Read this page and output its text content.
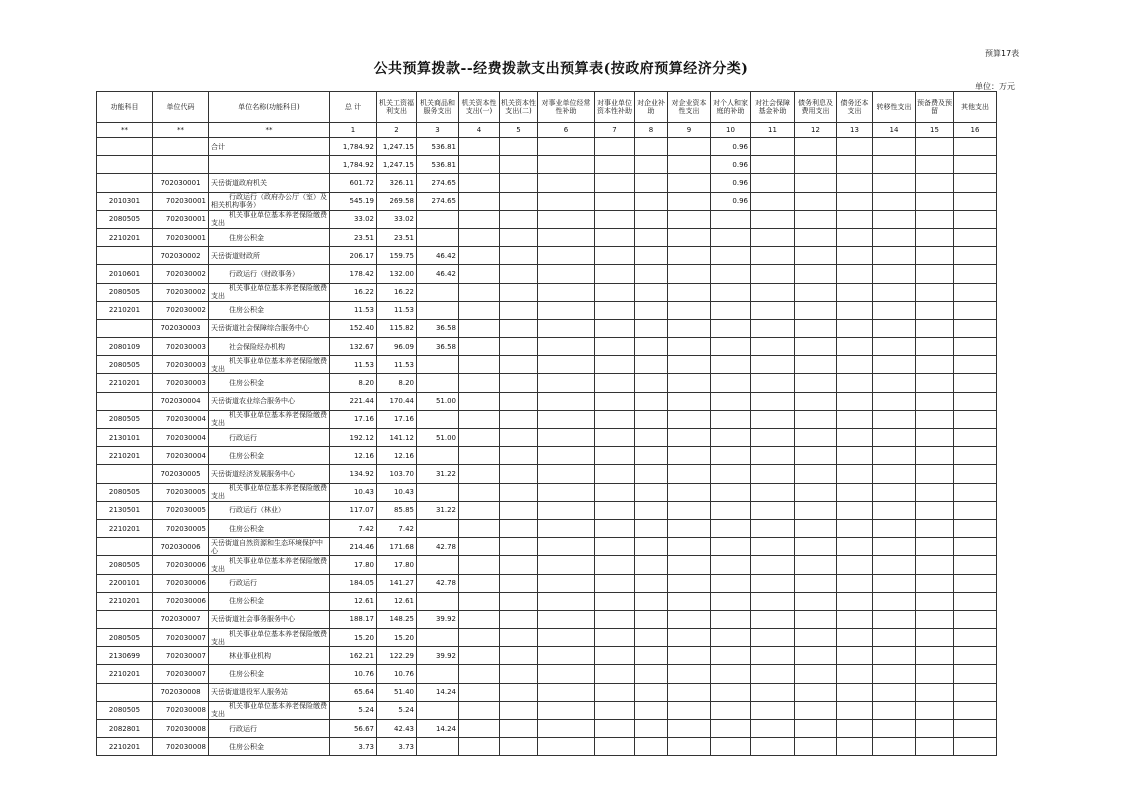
预算17表
公共预算拨款--经费拨款支出预算表(按政府预算经济分类)
单位：万元
功能科目	单位代码	单位名称(功能科目)	总 计	机关工资福利支出	机关商品和服务支出	机关资本性支出(一)	机关资本性支出(二)	对事业单位经常性补助	对事业单位资本性补助	对企业补助	对企业资本性支出	对个人和家庭的补助	对社会保障基金补助	债务利息及费用支出	债务还本支出	转移性支出	预备费及预留	其他支出
**	**	**	1	2	3	4	5	6	7	8	9	10	11	12	13	14	15	16
		合计	1,784.92	1,247.15	536.81							0.96						
			1,784.92	1,247.15	536.81							0.96						
	702030001	天岳街道政府机关	601.72	326.11	274.65							0.96						
2010301	702030001	行政运行（政府办公厅（室）及相关机构事务）	545.19	269.58	274.65							0.96						
2080505	702030001	机关事业单位基本养老保险缴费支出	33.02	33.02														
2210201	702030001	住房公积金	23.51	23.51														
	702030002	天岳街道财政所	206.17	159.75	46.42													
2010601	702030002	行政运行（财政事务）	178.42	132.00	46.42													
2080505	702030002	机关事业单位基本养老保险缴费支出	16.22	16.22														
2210201	702030002	住房公积金	11.53	11.53														
	702030003	天岳街道社会保障综合服务中心	152.40	115.82	36.58													
2080109	702030003	社会保险经办机构	132.67	96.09	36.58													
2080505	702030003	机关事业单位基本养老保险缴费支出	11.53	11.53														
2210201	702030003	住房公积金	8.20	8.20														
	702030004	天岳街道农业综合服务中心	221.44	170.44	51.00													
2080505	702030004	机关事业单位基本养老保险缴费支出	17.16	17.16														
2130101	702030004	行政运行	192.12	141.12	51.00													
2210201	702030004	住房公积金	12.16	12.16														
	702030005	天岳街道经济发展服务中心	134.92	103.70	31.22													
2080505	702030005	机关事业单位基本养老保险缴费支出	10.43	10.43														
2130501	702030005	行政运行（林业）	117.07	85.85	31.22													
2210201	702030005	住房公积金	7.42	7.42														
	702030006	天岳街道自然资源和生态环境保护中心	214.46	171.68	42.78													
2080505	702030006	机关事业单位基本养老保险缴费支出	17.80	17.80														
2200101	702030006	行政运行	184.05	141.27	42.78													
2210201	702030006	住房公积金	12.61	12.61														
	702030007	天岳街道社会事务服务中心	188.17	148.25	39.92													
2080505	702030007	机关事业单位基本养老保险缴费支出	15.20	15.20														
2130699	702030007	林业事业机构	162.21	122.29	39.92													
2210201	702030007	住房公积金	10.76	10.76														
	702030008	天岳街道退役军人服务站	65.64	51.40	14.24													
2080505	702030008	机关事业单位基本养老保险缴费支出	5.24	5.24														
2082801	702030008	行政运行	56.67	42.43	14.24													
2210201	702030008	住房公积金	3.73	3.73														
